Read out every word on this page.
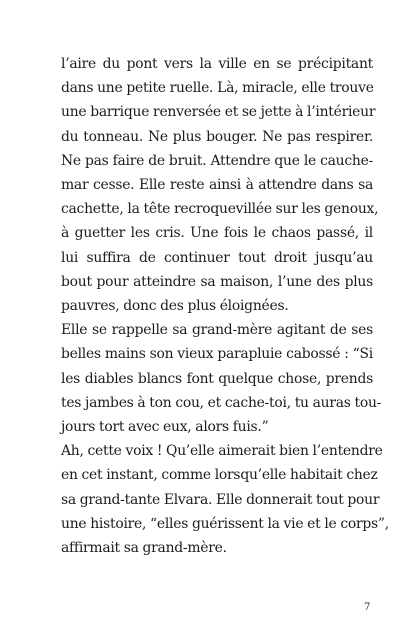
l’aire du pont vers la ville en se précipitant
dans une petite ruelle. Là, miracle, elle trouve
une barrique renversée et se jette à l’intérieur
du tonneau. Ne plus bouger. Ne pas respirer.
Ne pas faire de bruit. Attendre que le cauche-
mar cesse. Elle reste ainsi à attendre dans sa
cachette, la tête recroquevillée sur les genoux,
à guetter les cris. Une fois le chaos passé, il
lui suffira de continuer tout droit jusqu’au
bout pour atteindre sa maison, l’une des plus
pauvres, donc des plus éloignées.
Elle se rappelle sa grand-mère agitant de ses
belles mains son vieux parapluie cabossé : “Si
les diables blancs font quelque chose, prends
tes jambes à ton cou, et cache-toi, tu auras tou-
jours tort avec eux, alors fuis.”
Ah, cette voix ! Qu’elle aimerait bien l’entendre
en cet instant, comme lorsqu’elle habitait chez
sa grand-tante Elvara. Elle donnerait tout pour
une histoire, “elles guérissent la vie et le corps”,
affirmait sa grand-mère.
7
